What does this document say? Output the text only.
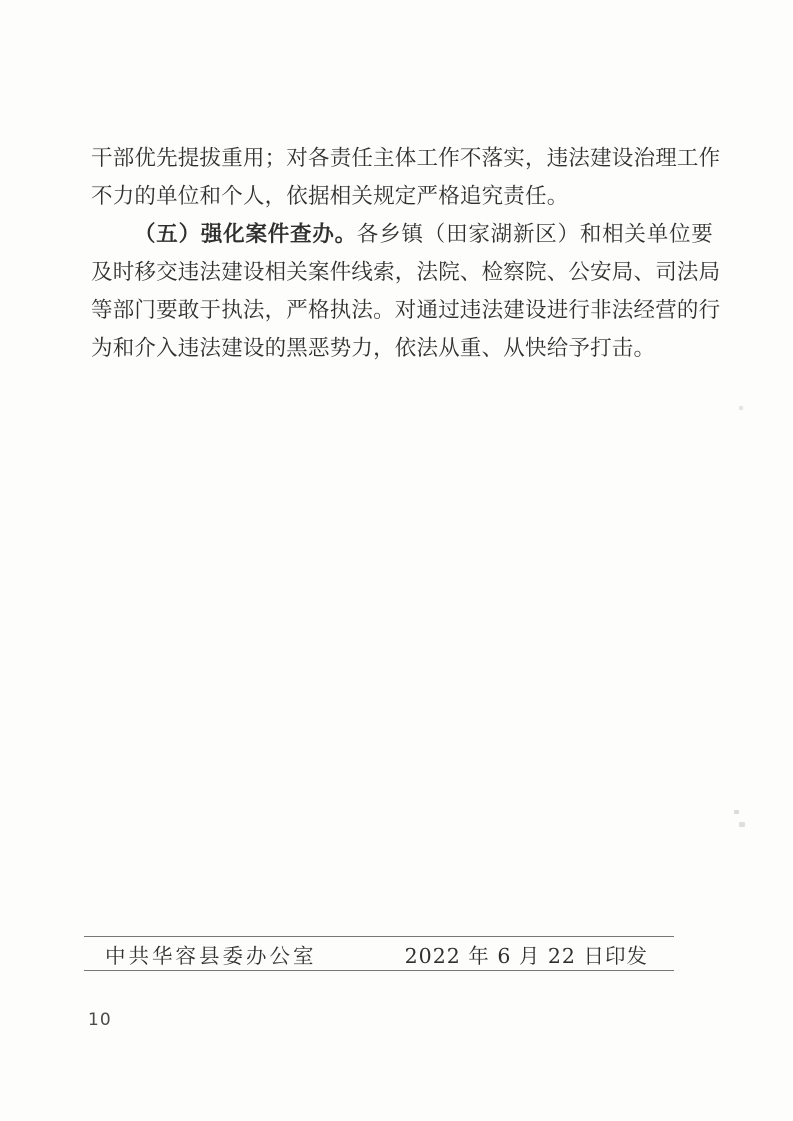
干部优先提拔重用；对各责任主体工作不落实，违法建设治理工作
不力的单位和个人，依据相关规定严格追究责任。
（五）强化案件查办。各乡镇（田家湖新区）和相关单位要
及时移交违法建设相关案件线索，法院、检察院、公安局、司法局
等部门要敢于执法，严格执法。对通过违法建设进行非法经营的行
为和介入违法建设的黑恶势力，依法从重、从快给予打击。
中共华容县委办公室	2022 年 6 月 22 日印发
10
